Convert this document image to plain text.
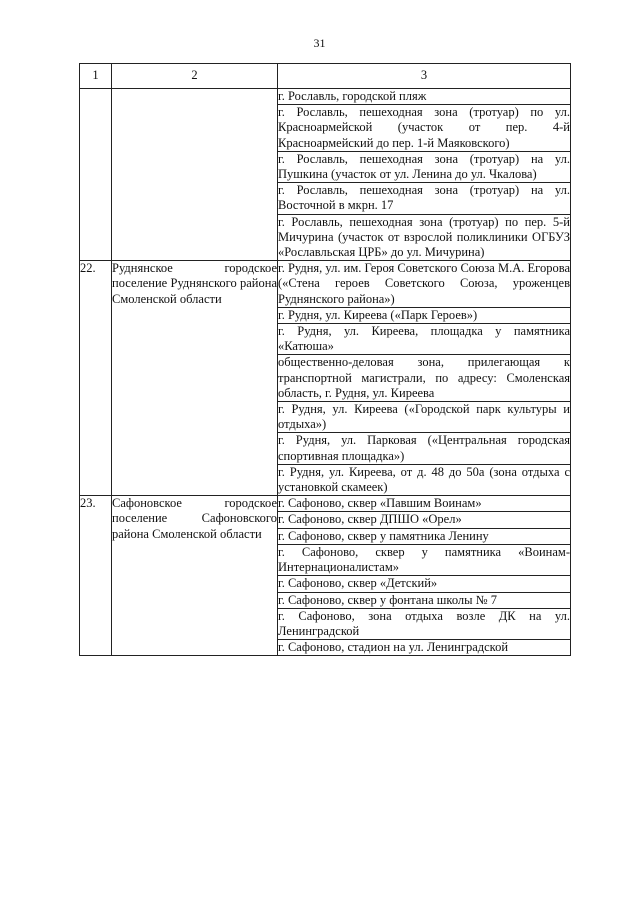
31
1	2	3
		г. Рославль, городской пляж
		г. Рославль, пешеходная зона (тротуар) по ул. Красноармейской (участок от пер. 4-й Красноармейский до пер. 1-й Маяковского)
		г. Рославль, пешеходная зона (тротуар) на ул. Пушкина (участок от ул. Ленина до ул. Чкалова)
		г. Рославль, пешеходная зона (тротуар) на ул. Восточной в мкрн. 17
		г. Рославль, пешеходная зона (тротуар) по пер. 5-й Мичурина (участок от взрослой поликлиники ОГБУЗ «Рославльская ЦРБ» до ул. Мичурина)
22.	Руднянское городское поселение Руднянского района Смоленской области	г. Рудня, ул. им. Героя Советского Союза М.А. Егорова («Стена героев Советского Союза, уроженцев Руднянского района»)
		г. Рудня, ул. Киреева («Парк Героев»)
		г. Рудня, ул. Киреева, площадка у памятника «Катюша»
		общественно-деловая зона, прилегающая к транспортной магистрали, по адресу: Смоленская область, г. Рудня, ул. Киреева
		г. Рудня, ул. Киреева («Городской парк культуры и отдыха»)
		г. Рудня, ул. Парковая («Центральная городская спортивная площадка»)
		г. Рудня, ул. Киреева, от д. 48 до 50а (зона отдыха с установкой скамеек)
23.	Сафоновское городское поселение Сафоновского района Смоленской области	г. Сафоново, сквер «Павшим Воинам»
		г. Сафоново, сквер ДПШО «Орел»
		г. Сафоново, сквер у памятника Ленину
		г. Сафоново, сквер у памятника «Воинам-Интернационалистам»
		г. Сафоново, сквер «Детский»
		г. Сафоново, сквер у фонтана школы № 7
		г. Сафоново, зона отдыха возле ДК на ул. Ленинградской
		г. Сафоново, стадион на ул. Ленинградской
